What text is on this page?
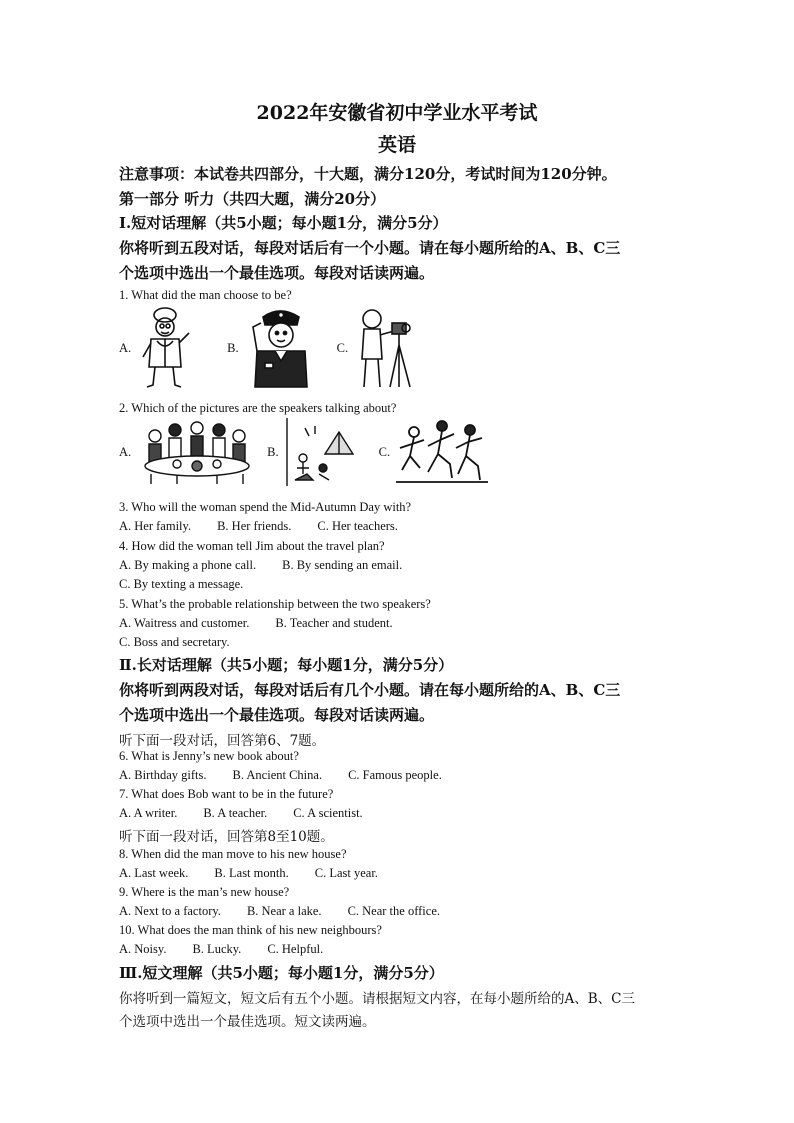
2022年安徽省初中学业水平考试
英语
注意事项：本试卷共四部分，十大题，满分120分，考试时间为120分钟。
第一部分 听力（共四大题，满分20分）
Ⅰ.短对话理解（共5小题；每小题1分，满分5分）
你将听到五段对话，每段对话后有一个小题。请在每小题所给的A、B、C三
个选项中选出一个最佳选项。每段对话读两遍。
1. What did the man choose to be?
A.	B.	C.
2. Which of the pictures are the speakers talking about?
A.	B.	C.
3. Who will the woman spend the Mid-Autumn Day with?
A. Her family. B. Her friends. C. Her teachers.
4. How did the woman tell Jim about the travel plan?
A. By making a phone call. B. By sending an email.
C. By texting a message.
5. What’s the probable relationship between the two speakers?
A. Waitress and customer. B. Teacher and student.
C. Boss and secretary.
Ⅱ.长对话理解（共5小题；每小题1分，满分5分）
你将听到两段对话，每段对话后有几个小题。请在每小题所给的A、B、C三
个选项中选出一个最佳选项。每段对话读两遍。
听下面一段对话，回答第6、7题。
6. What is Jenny’s new book about?
A. Birthday gifts. B. Ancient China. C. Famous people.
7. What does Bob want to be in the future?
A. A writer. B. A teacher. C. A scientist.
听下面一段对话，回答第8至10题。
8. When did the man move to his new house?
A. Last week. B. Last month. C. Last year.
9. Where is the man’s new house?
A. Next to a factory. B. Near a lake. C. Near the office.
10. What does the man think of his new neighbours?
A. Noisy. B. Lucky. C. Helpful.
Ⅲ.短文理解（共5小题；每小题1分，满分5分）
你将听到一篇短文，短文后有五个小题。请根据短文内容，在每小题所给的A、B、C三
个选项中选出一个最佳选项。短文读两遍。
